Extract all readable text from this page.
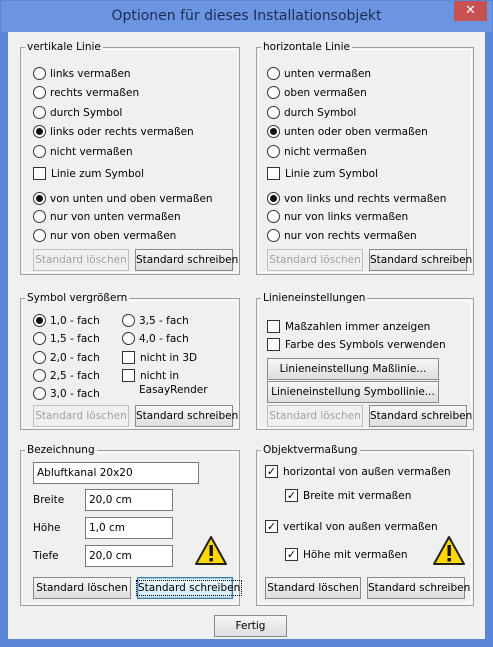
Optionen für dieses Installationsobjekt	✕
vertikale Linie
links vermaßen
rechts vermaßen
durch Symbol
links oder rechts vermaßen
nicht vermaßen
Linie zum Symbol
von unten und oben vermaßen
nur von unten vermaßen
nur von oben vermaßen
Standard löschen Standard schreiben
horizontale Linie
unten vermaßen
oben vermaßen
durch Symbol
unten oder oben vermaßen
nicht vermaßen
Linie zum Symbol
von links und rechts vermaßen
nur von links vermaßen
nur von rechts vermaßen
Standard löschen Standard schreiben
Symbol vergrößern
1,0 - fach
1,5 - fach
2,0 - fach
2,5 - fach
3,0 - fach
3,5 - fach
4,0 - fach
nicht in 3D
nicht in
EasayRender
Standard löschen Standard schreiben
Linieneinstellungen
Maßzahlen immer anzeigen
Farbe des Symbols verwenden
Linieneinstellung Maßlinie...
Linieneinstellung Symbollinie...
Standard löschen Standard schreiben
Bezeichnung
Abluftkanal 20x20
Breite	20,0 cm
Höhe	1,0 cm
Tiefe	20,0 cm
Standard löschen Standard schreiben
Objektvermaßung
✓ horizontal von außen vermaßen
✓ Breite mit vermaßen
✓ vertikal von außen vermaßen
✓ Höhe mit vermaßen
Standard löschen Standard schreiben
Fertig
